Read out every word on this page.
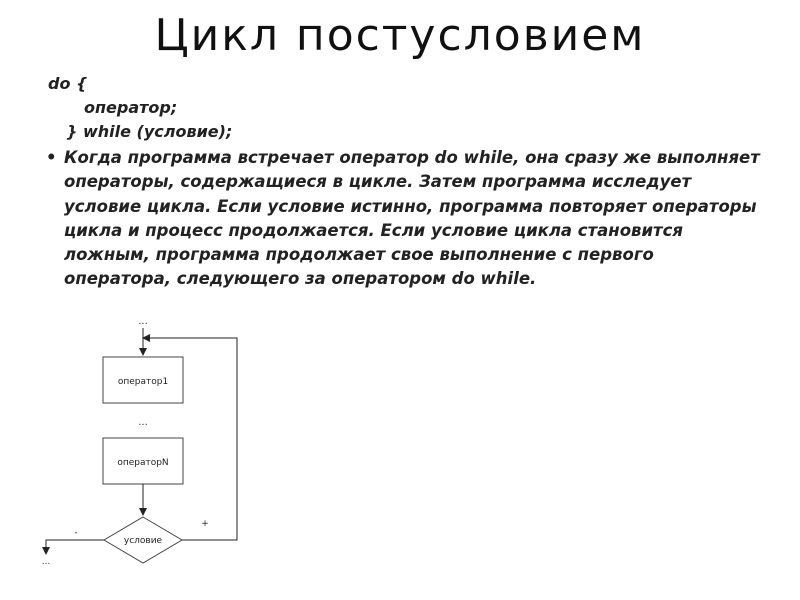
Цикл постусловием
do {
оператор;
} while (условие);
• Когда программа встречает оператор do while, она сразу же выполняет операторы, содержащиеся в цикле. Затем программа исследует условие цикла. Если условие истинно, программа повторяет операторы цикла и процесс продолжается. Если условие цикла становится ложным, программа продолжает свое выполнение с первого оператора, следующего за оператором do while.
...
оператор1
...
операторN
условие
+
-
...
